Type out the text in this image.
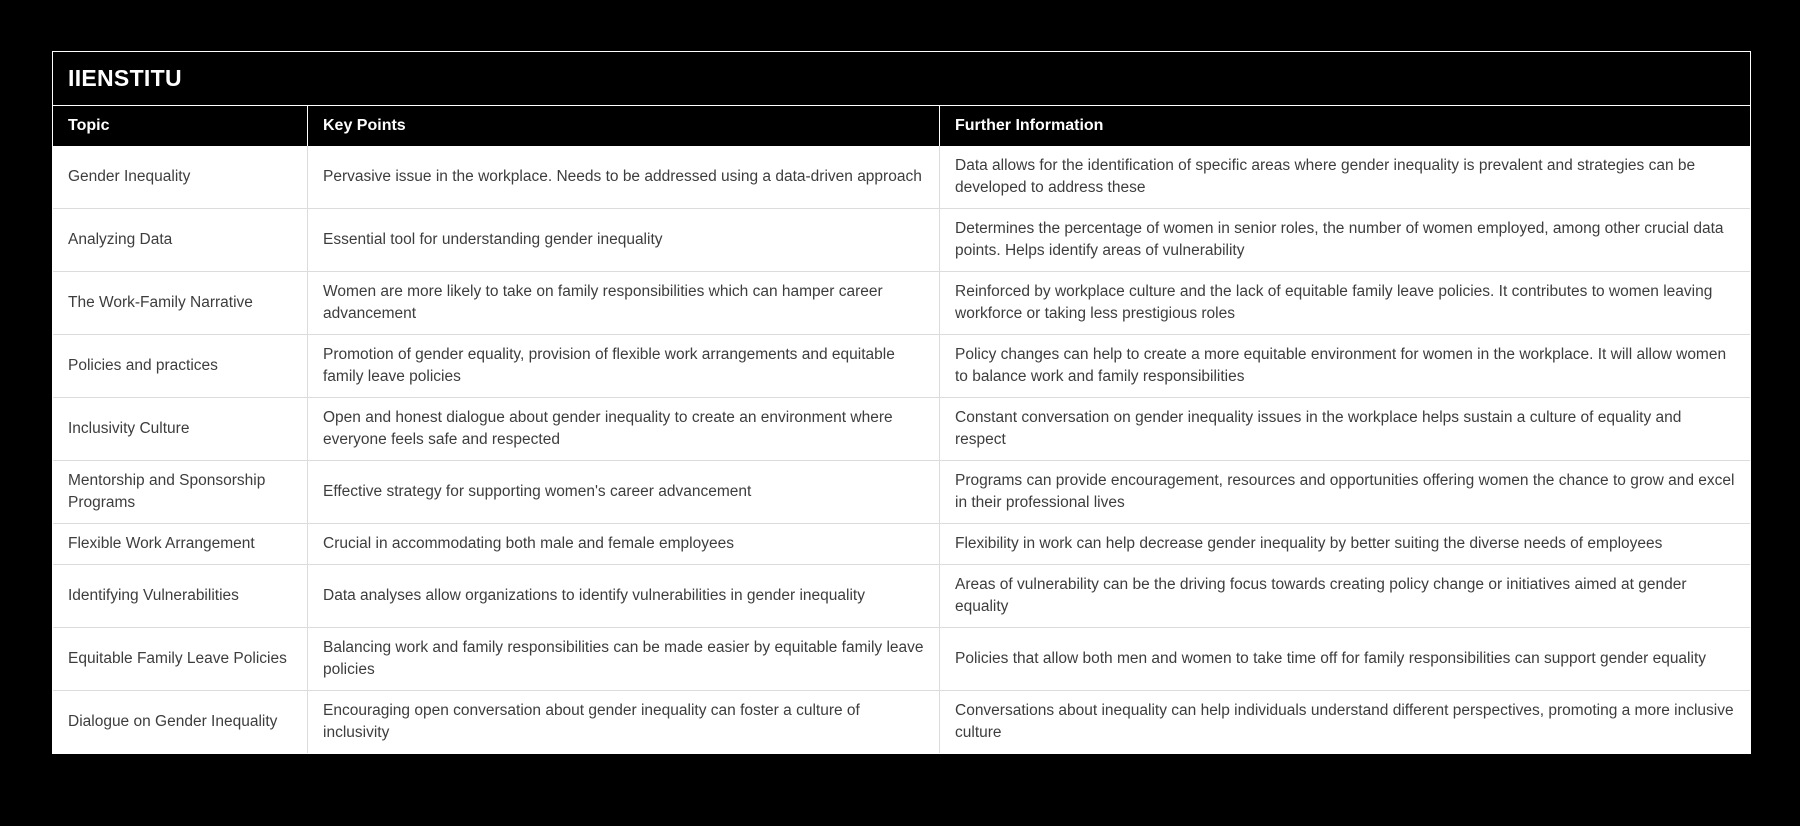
IIENSTITU		
Topic	Key Points	Further Information
Gender Inequality	Pervasive issue in the workplace. Needs to be addressed using a data-driven approach	Data allows for the identification of specific areas where gender inequality is prevalent and strategies can be developed to address these
Analyzing Data	Essential tool for understanding gender inequality	Determines the percentage of women in senior roles, the number of women employed, among other crucial data points. Helps identify areas of vulnerability
The Work-Family Narrative	Women are more likely to take on family responsibilities which can hamper career advancement	Reinforced by workplace culture and the lack of equitable family leave policies. It contributes to women leaving workforce or taking less prestigious roles
Policies and practices	Promotion of gender equality, provision of flexible work arrangements and equitable family leave policies	Policy changes can help to create a more equitable environment for women in the workplace. It will allow women to balance work and family responsibilities
Inclusivity Culture	Open and honest dialogue about gender inequality to create an environment where everyone feels safe and respected	Constant conversation on gender inequality issues in the workplace helps sustain a culture of equality and respect
Mentorship and Sponsorship Programs	Effective strategy for supporting women's career advancement	Programs can provide encouragement, resources and opportunities offering women the chance to grow and excel in their professional lives
Flexible Work Arrangement	Crucial in accommodating both male and female employees	Flexibility in work can help decrease gender inequality by better suiting the diverse needs of employees
Identifying Vulnerabilities	Data analyses allow organizations to identify vulnerabilities in gender inequality	Areas of vulnerability can be the driving focus towards creating policy change or initiatives aimed at gender equality
Equitable Family Leave Policies	Balancing work and family responsibilities can be made easier by equitable family leave policies	Policies that allow both men and women to take time off for family responsibilities can support gender equality
Dialogue on Gender Inequality	Encouraging open conversation about gender inequality can foster a culture of inclusivity	Conversations about inequality can help individuals understand different perspectives, promoting a more inclusive culture
